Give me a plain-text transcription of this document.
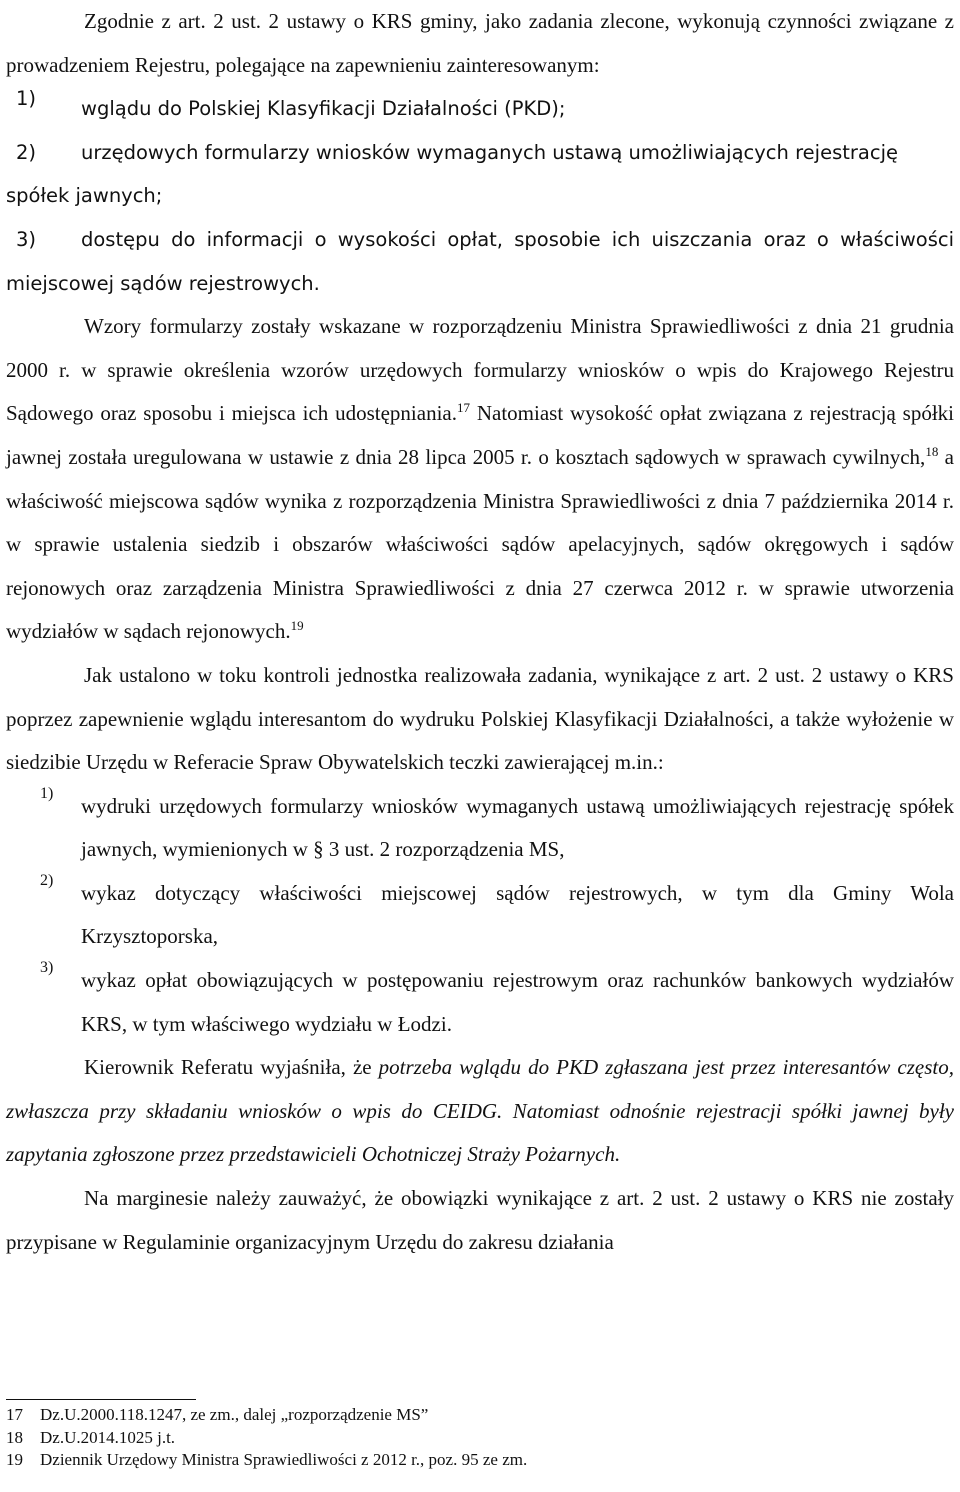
Zgodnie z art. 2 ust. 2 ustawy o KRS gminy, jako zadania zlecone, wykonują czynności związane z prowadzeniem Rejestru, polegające na zapewnieniu zainteresowanym:

1)	wglądu do Polskiej Klasyfikacji Działalności (PKD);
2) urzędowych formularzy wniosków wymaganych ustawą umożliwiających rejestrację spółek jawnych;
3) dostępu do informacji o wysokości opłat, sposobie ich uiszczania oraz o właściwości miejscowej sądów rejestrowych.

Wzory formularzy zostały wskazane w rozporządzeniu Ministra Sprawiedliwości z dnia 21 grudnia 2000 r. w sprawie określenia wzorów urzędowych formularzy wniosków o wpis do Krajowego Rejestru Sądowego oraz sposobu i miejsca ich udostępniania.$^{17}$ Natomiast wysokość opłat związana z rejestracją spółki jawnej została uregulowana w ustawie z dnia 28 lipca 2005 r. o kosztach sądowych w sprawach cywilnych,$^{18}$ a właściwość miejscowa sądów wynika z rozporządzenia Ministra Sprawiedliwości z dnia 7 października 2014 r. w sprawie ustalenia siedzib i obszarów właściwości sądów apelacyjnych, sądów okręgowych i sądów rejonowych oraz zarządzenia Ministra Sprawiedliwości z dnia 27 czerwca 2012 r. w sprawie utworzenia wydziałów w sądach rejonowych.$^{19}$

Jak ustalono w toku kontroli jednostka realizowała zadania, wynikające z art. 2 ust. 2 ustawy o KRS poprzez zapewnienie wglądu interesantom do wydruku Polskiej Klasyfikacji Działalności, a także wyłożenie w siedzibie Urzędu w Referacie Spraw Obywatelskich teczki zawierającej m.in.:

1)
wydruki urzędowych formularzy wniosków wymaganych ustawą umożliwiających rejestrację spółek jawnych, wymienionych w § 3 ust. 2 rozporządzenia MS,
2)
wykaz dotyczący właściwości miejscowej sądów rejestrowych, w tym dla Gminy Wola Krzysztoporska,
3)
wykaz opłat obowiązujących w postępowaniu rejestrowym oraz rachunków bankowych wydziałów KRS, w tym właściwego wydziału w Łodzi.

Kierownik Referatu wyjaśniła, że potrzeba wglądu do PKD zgłaszana jest przez interesantów często, zwłaszcza przy składaniu wniosków o wpis do CEIDG. Natomiast odnośnie rejestracji spółki jawnej były zapytania zgłoszone przez przedstawicieli Ochotniczej Straży Pożarnych.

Na marginesie należy zauważyć, że obowiązki wynikające z art. 2 ust. 2 ustawy o KRS nie zostały przypisane w Regulaminie organizacyjnym Urzędu do zakresu działania

17	Dz.U.2000.118.1247, ze zm., dalej „rozporządzenie MS”
18	Dz.U.2014.1025 j.t.
19	Dziennik Urzędowy Ministra Sprawiedliwości z 2012 r., poz. 95 ze zm.
